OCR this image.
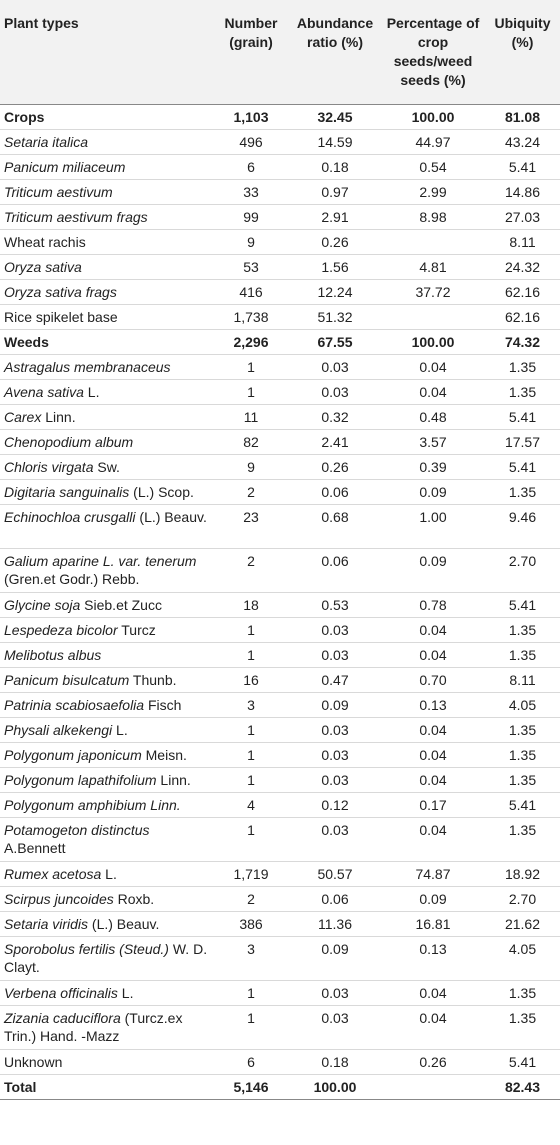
Plant types	Number (grain)	Abundance ratio (%)	Percentage of crop seeds/weed seeds (%)	Ubiquity (%)
Crops	1,103	32.45	100.00	81.08
Setaria italica	496	14.59	44.97	43.24
Panicum miliaceum	6	0.18	0.54	5.41
Triticum aestivum	33	0.97	2.99	14.86
Triticum aestivum frags	99	2.91	8.98	27.03
Wheat rachis	9	0.26		8.11
Oryza sativa	53	1.56	4.81	24.32
Oryza sativa frags	416	12.24	37.72	62.16
Rice spikelet base	1,738	51.32		62.16
Weeds	2,296	67.55	100.00	74.32
Astragalus membranaceus	1	0.03	0.04	1.35
Avena sativa L.	1	0.03	0.04	1.35
Carex Linn.	11	0.32	0.48	5.41
Chenopodium album	82	2.41	3.57	17.57
Chloris virgata Sw.	9	0.26	0.39	5.41
Digitaria sanguinalis (L.) Scop.	2	0.06	0.09	1.35
Echinochloa crusgalli (L.) Beauv.	23	0.68	1.00	9.46
Galium aparine L. var. tenerum (Gren.et Godr.) Rebb.	2	0.06	0.09	2.70
Glycine soja Sieb.et Zucc	18	0.53	0.78	5.41
Lespedeza bicolor Turcz	1	0.03	0.04	1.35
Melibotus albus	1	0.03	0.04	1.35
Panicum bisulcatum Thunb.	16	0.47	0.70	8.11
Patrinia scabiosaefolia Fisch	3	0.09	0.13	4.05
Physali alkekengi L.	1	0.03	0.04	1.35
Polygonum japonicum Meisn.	1	0.03	0.04	1.35
Polygonum lapathifolium Linn.	1	0.03	0.04	1.35
Polygonum amphibium Linn.	4	0.12	0.17	5.41
Potamogeton distinctus A.Bennett	1	0.03	0.04	1.35
Rumex acetosa L.	1,719	50.57	74.87	18.92
Scirpus juncoides Roxb.	2	0.06	0.09	2.70
Setaria viridis (L.) Beauv.	386	11.36	16.81	21.62
Sporobolus fertilis (Steud.) W. D. Clayt.	3	0.09	0.13	4.05
Verbena officinalis L.	1	0.03	0.04	1.35
Zizania caduciflora (Turcz.ex Trin.) Hand. -Mazz	1	0.03	0.04	1.35
Unknown	6	0.18	0.26	5.41
Total	5,146	100.00		82.43
